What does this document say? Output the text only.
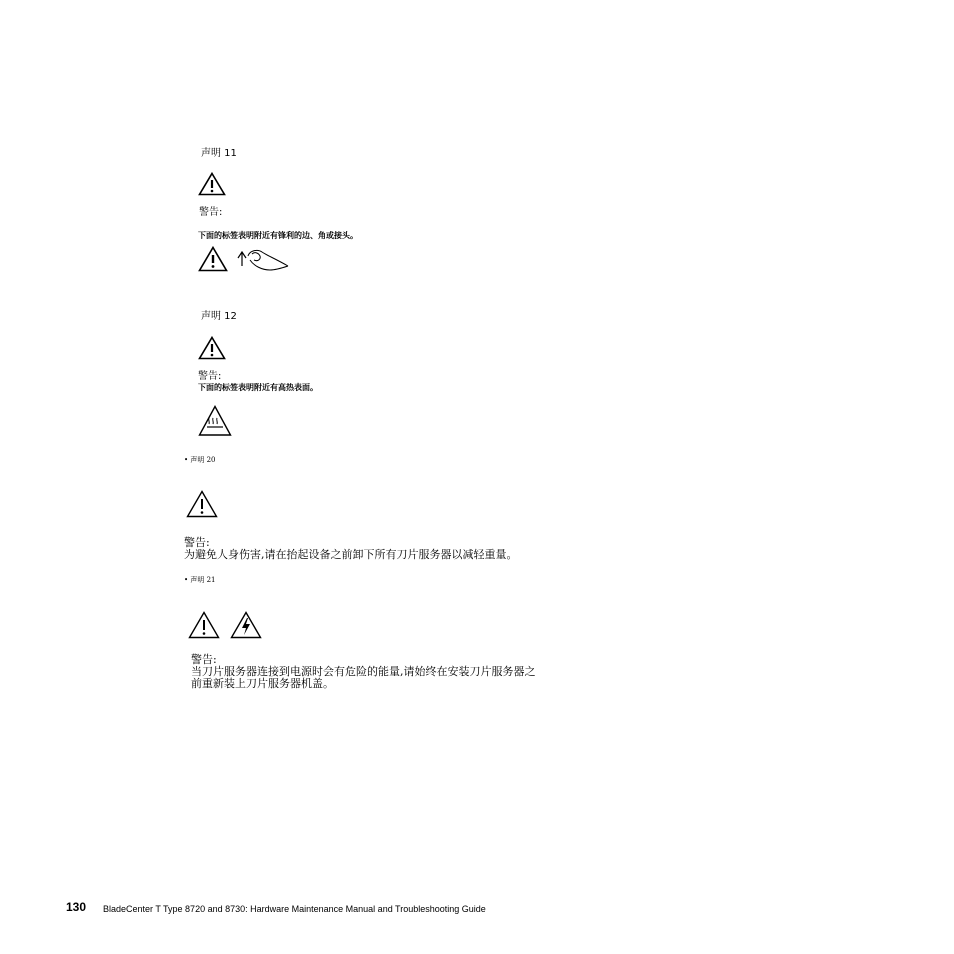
声明 11
警告:
下面的标签表明附近有锋利的边、角或接头。
声明 12
警告:
下面的标签表明附近有高热表面。
• 声明 20
警告:
为避免人身伤害,请在抬起设备之前卸下所有刀片服务器以减轻重量。
• 声明 21
警告:
当刀片服务器连接到电源时会有危险的能量,请始终在安装刀片服务器之
前重新装上刀片服务器机盖。
130 BladeCenter T Type 8720 and 8730: Hardware Maintenance Manual and Troubleshooting Guide
